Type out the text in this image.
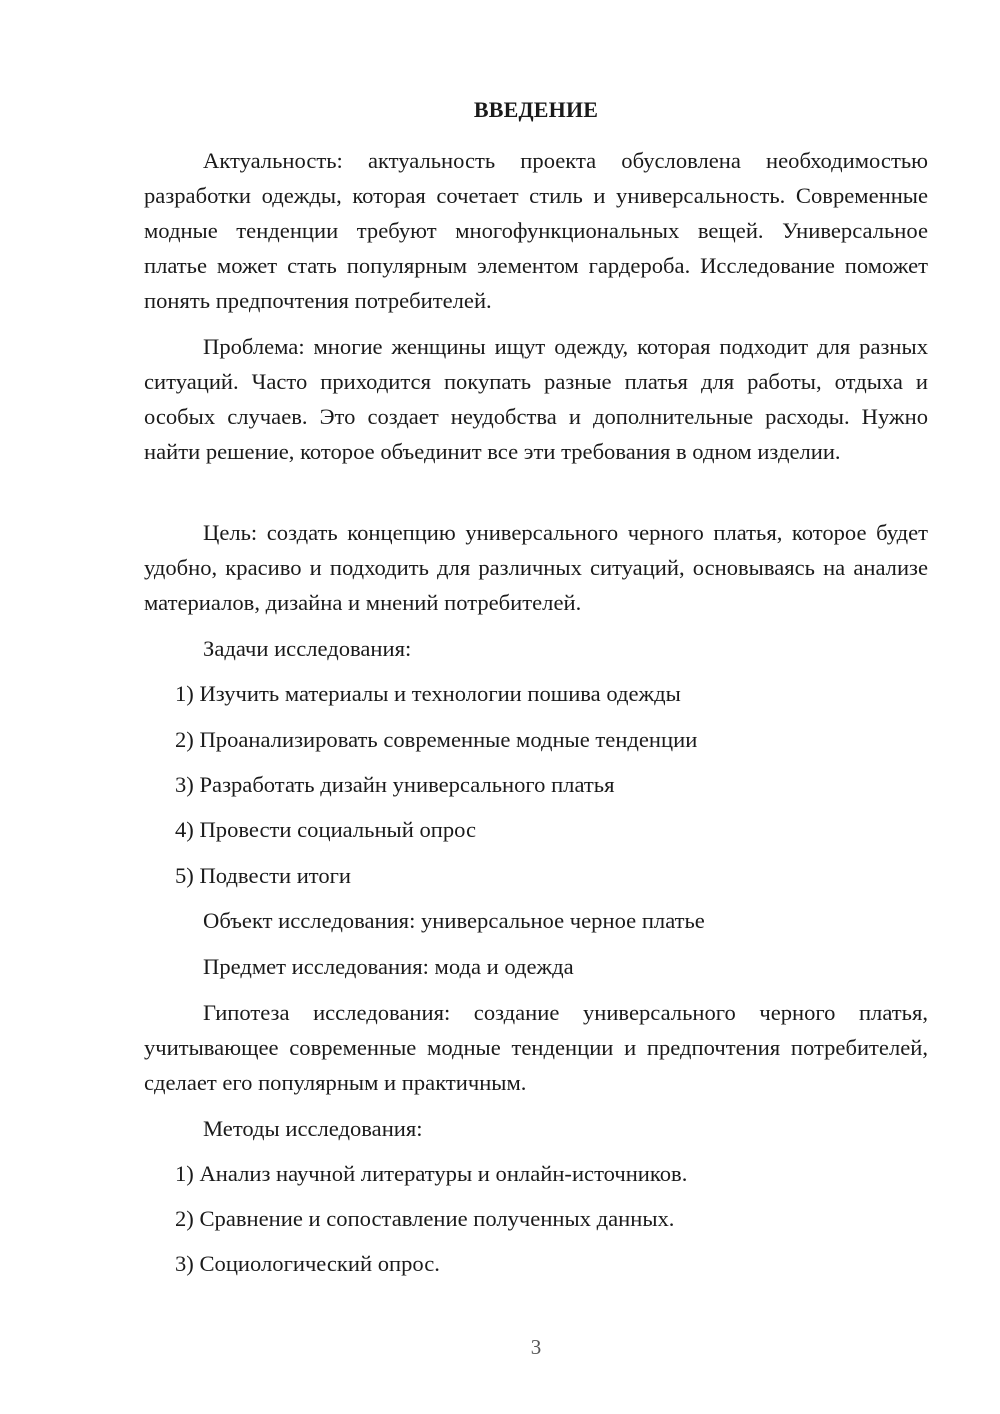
ВВЕДЕНИЕ

Актуальность: актуальность проекта обусловлена необходимостью разработки одежды, которая сочетает стиль и универсальность. Современные модные тенденции требуют многофункциональных вещей. Универсальное платье может стать популярным элементом гардероба. Исследование поможет понять предпочтения потребителей.

Проблема: многие женщины ищут одежду, которая подходит для разных ситуаций. Часто приходится покупать разные платья для работы, отдыха и особых случаев. Это создает неудобства и дополнительные расходы. Нужно найти решение, которое объединит все эти требования в одном изделии.

Цель: создать концепцию универсального черного платья, которое будет удобно, красиво и подходить для различных ситуаций, основываясь на анализе материалов, дизайна и мнений потребителей.

Задачи исследования:

1) Изучить материалы и технологии пошива одежды

2) Проанализировать современные модные тенденции

3) Разработать дизайн универсального платья

4) Провести социальный опрос

5) Подвести итоги

Объект исследования: универсальное черное платье

Предмет исследования: мода и одежда

Гипотеза исследования: создание универсального черного платья, учитывающее современные модные тенденции и предпочтения потребителей, сделает его популярным и практичным.

Методы исследования:

1) Анализ научной литературы и онлайн-источников.

2) Сравнение и сопоставление полученных данных.

3) Социологический опрос.

3
